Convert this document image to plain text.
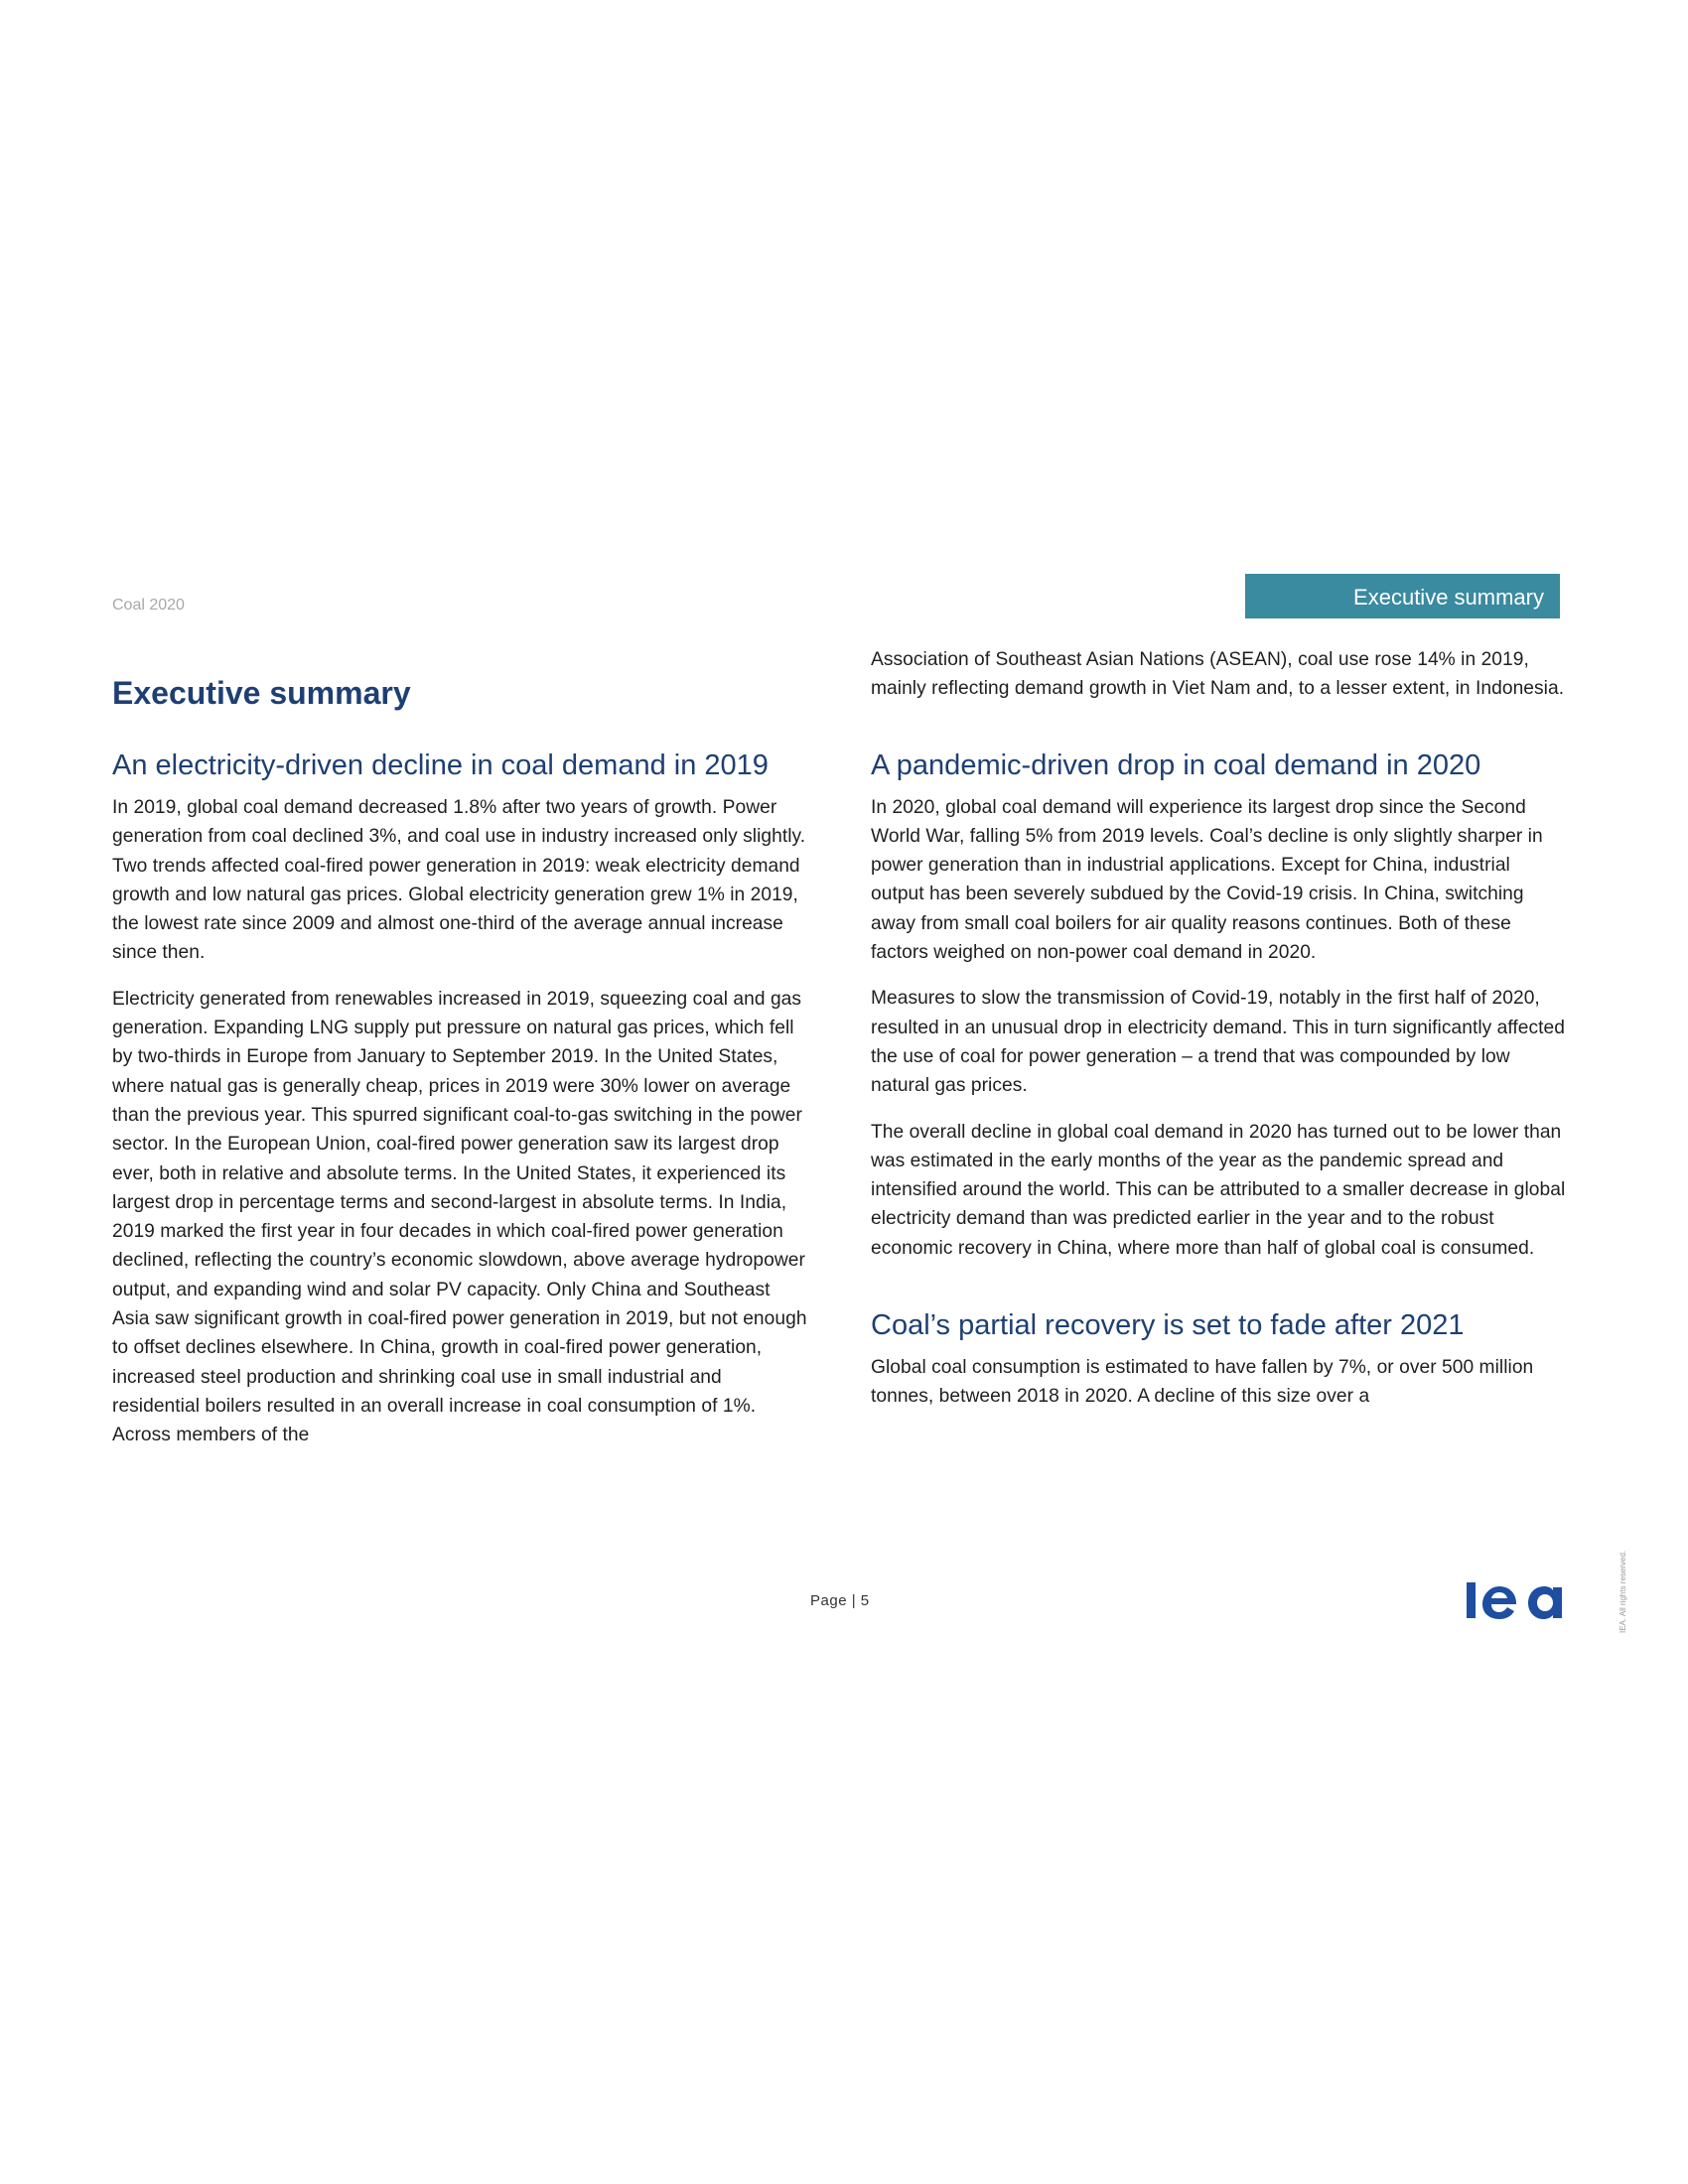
Coal 2020	Executive summary
Executive summary
An electricity-driven decline in coal demand in 2019

In 2019, global coal demand decreased 1.8% after two years of growth. Power generation from coal declined 3%, and coal use in industry increased only slightly. Two trends affected coal-fired power generation in 2019: weak electricity demand growth and low natural gas prices. Global electricity generation grew 1% in 2019, the lowest rate since 2009 and almost one-third of the average annual increase since then.

Electricity generated from renewables increased in 2019, squeezing coal and gas generation. Expanding LNG supply put pressure on natural gas prices, which fell by two-thirds in Europe from January to September 2019. In the United States, where natual gas is generally cheap, prices in 2019 were 30% lower on average than the previous year. This spurred significant coal-to-gas switching in the power sector. In the European Union, coal-fired power generation saw its largest drop ever, both in relative and absolute terms. In the United States, it experienced its largest drop in percentage terms and second-largest in absolute terms. In India, 2019 marked the first year in four decades in which coal-fired power generation declined, reflecting the country’s economic slowdown, above average hydropower output, and expanding wind and solar PV capacity. Only China and Southeast Asia saw significant growth in coal-fired power generation in 2019, but not enough to offset declines elsewhere. In China, growth in coal-fired power generation, increased steel production and shrinking coal use in small industrial and residential boilers resulted in an overall increase in coal consumption of 1%. Across members of the

Association of Southeast Asian Nations (ASEAN), coal use rose 14% in 2019, mainly reflecting demand growth in Viet Nam and, to a lesser extent, in Indonesia.

A pandemic-driven drop in coal demand in 2020

In 2020, global coal demand will experience its largest drop since the Second World War, falling 5% from 2019 levels. Coal’s decline is only slightly sharper in power generation than in industrial applications. Except for China, industrial output has been severely subdued by the Covid-19 crisis. In China, switching away from small coal boilers for air quality reasons continues. Both of these factors weighed on non-power coal demand in 2020.

Measures to slow the transmission of Covid-19, notably in the first half of 2020, resulted in an unusual drop in electricity demand. This in turn significantly affected the use of coal for power generation – a trend that was compounded by low natural gas prices.

The overall decline in global coal demand in 2020 has turned out to be lower than was estimated in the early months of the year as the pandemic spread and intensified around the world. This can be attributed to a smaller decrease in global electricity demand than was predicted earlier in the year and to the robust economic recovery in China, where more than half of global coal is consumed.

Coal’s partial recovery is set to fade after 2021

Global coal consumption is estimated to have fallen by 7%, or over 500 million tonnes, between 2018 in 2020. A decline of this size over a

Page | 5	IEA. All rights reserved.
